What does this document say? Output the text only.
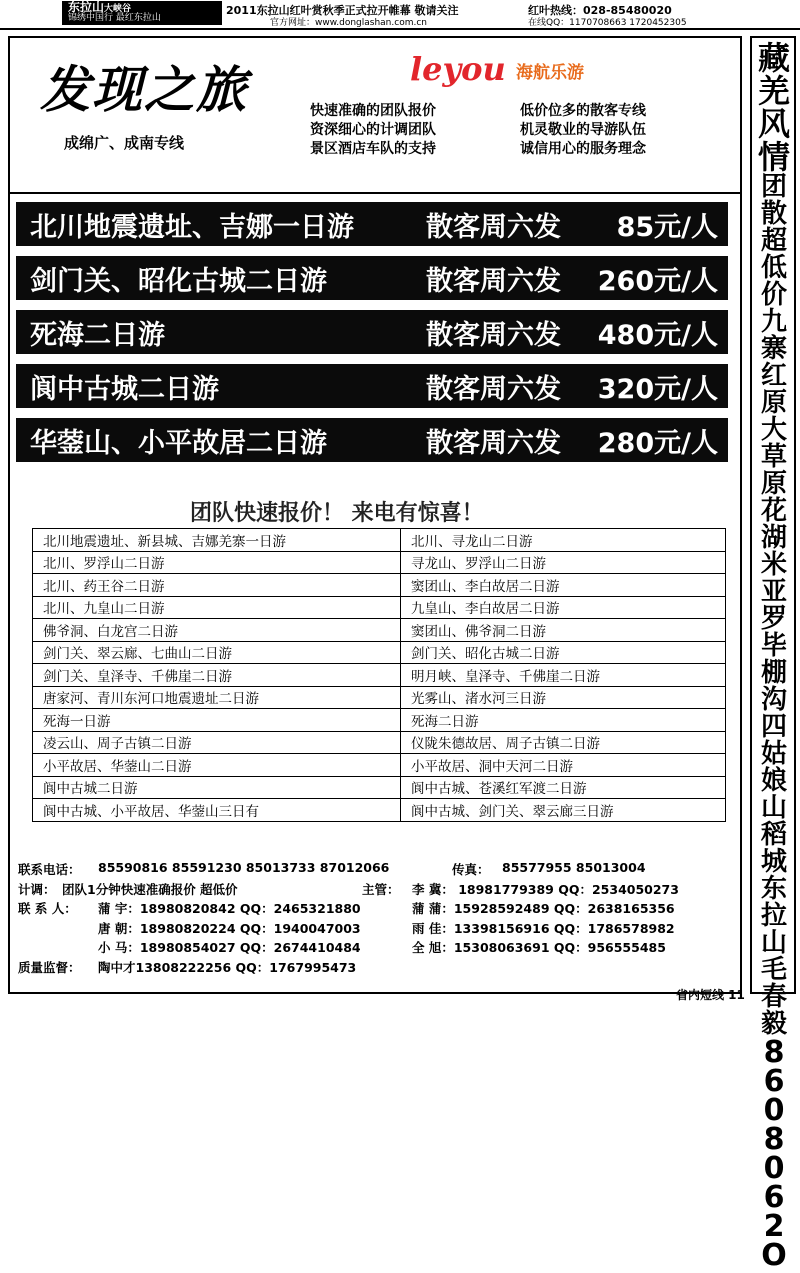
东拉山大峡谷
锦绣中国行 最红东拉山
2011东拉山红叶赏秋季正式拉开帷幕 敬请关注
官方网址：www.donglashan.com.cn
红叶热线：028-85480020
在线QQ：1170708663 1720452305
发现之旅
成绵广、成南专线
leyou 海航乐游
快速准确的团队报价	低价位多的散客专线
资深细心的计调团队	机灵敬业的导游队伍
景区酒店车队的支持	诚信用心的服务理念
北川地震遗址、吉娜一日游	散客周六发 85元/人
剑门关、昭化古城二日游	散客周六发 260元/人
死海二日游	散客周六发 480元/人
阆中古城二日游	散客周六发 320元/人
华蓥山、小平故居二日游	散客周六发 280元/人
团队快速报价！ 来电有惊喜！
北川地震遗址、新县城、吉娜羌寨一日游	北川、寻龙山二日游
北川、罗浮山二日游	寻龙山、罗浮山二日游
北川、药王谷二日游	窦团山、李白故居二日游
北川、九皇山二日游	九皇山、李白故居二日游
佛爷洞、白龙宫二日游	窦团山、佛爷洞二日游
剑门关、翠云廊、七曲山二日游	剑门关、昭化古城二日游
剑门关、皇泽寺、千佛崖二日游	明月峡、皇泽寺、千佛崖二日游
唐家河、青川东河口地震遗址二日游	光雾山、渚水河三日游
死海一日游	死海二日游
凌云山、周子古镇二日游	仪陇朱德故居、周子古镇二日游
小平故居、华蓥山二日游	小平故居、洞中天河二日游
阆中古城二日游	阆中古城、苍溪红军渡二日游
阆中古城、小平故居、华蓥山三日有	阆中古城、剑门关、翠云廊三日游
联系电话： 85590816 85591230 85013733 87012066	传真： 85577955 85013004
计调： 团队1分钟快速准确报价 超低价	主管： 李 冀： 18981779389 QQ：2534050273
联 系 人： 蒲 宇：18980820842 QQ：2465321880	蒲 蒲：15928592489 QQ：2638165356
唐 朝：18980820224 QQ：1940047003	雨 佳：13398156916 QQ：1786578982
小 马：18980854027 QQ：2674410484	全 旭：15308063691 QQ：956555485
质量监督： 陶中才13808222256 QQ：1767995473
藏羌风情
团散超低价
九寨
红原大草原
花湖
米亚罗毕棚沟
四姑娘山
稻城
东拉山
毛春毅
8608062O
省内短线 11
